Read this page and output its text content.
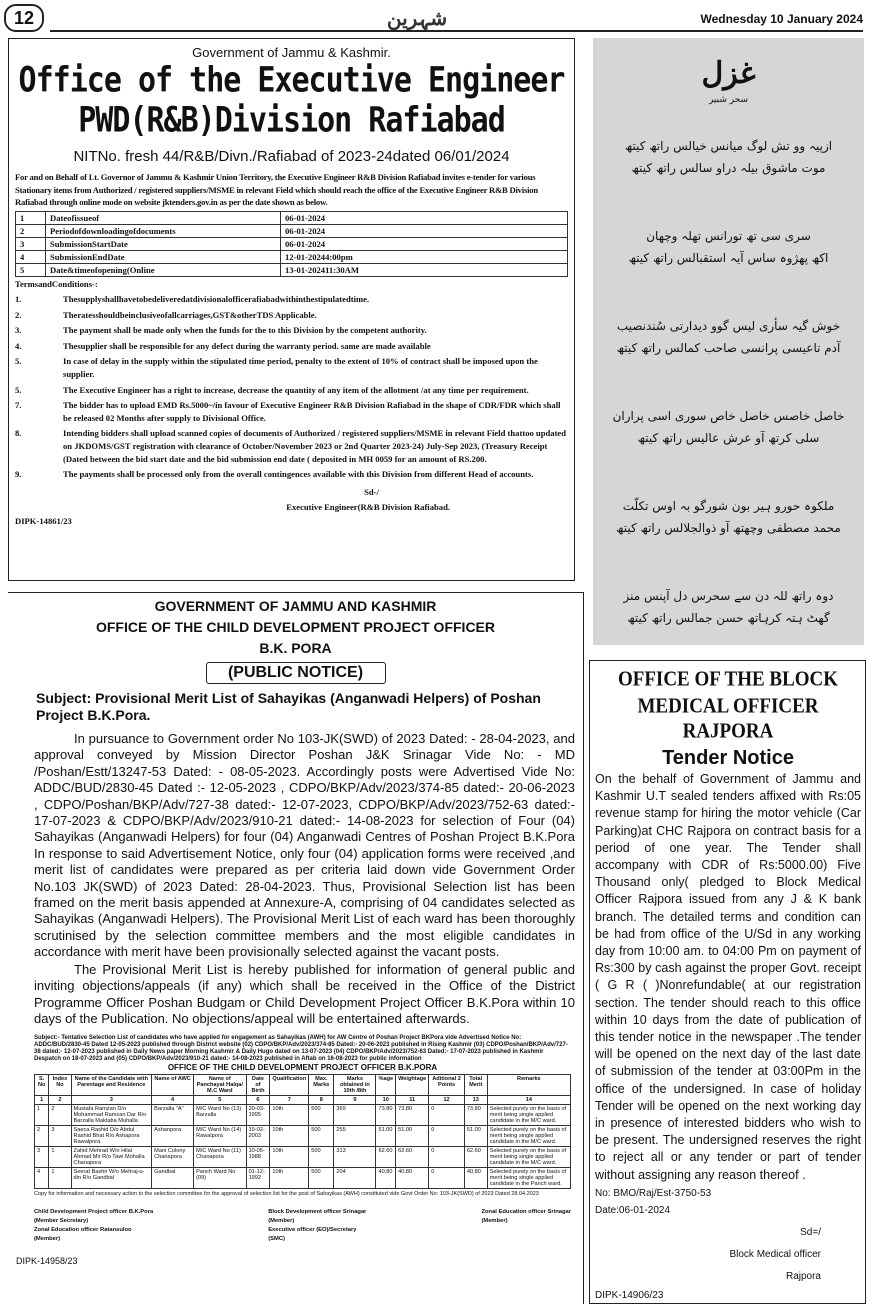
12	شہرین	Wednesday 10 January 2024
Government of Jammu & Kashmir.
Office of the Executive Engineer
PWD(R&B)Division Rafiabad
NITNo. fresh 44/R&B/Divn./Rafiabad of 2023-24dated 06/01/2024
For and on Behalf of Lt. Governor of Jammu & Kashmir Union Territory, the Executive Engineer R&B Division Rafiabad invites e-tender for various Stationary items from Authorized / registered suppliers/MSME in relevant Field which should reach the office of the Executive Engineer R&B Division Rafiabad through online mode on website jktenders.gov.in as per the date shown as below.
1	Dateofissueof	06-01-2024
2	Periodofdownloadingofdocuments	06-01-2024
3	SubmissionStartDate	06-01-2024
4	SubmissionEndDate	12-01-20244:00pm
5	Date&timeofopening(Online	13-01-202411:30AM
TermsandConditions-:
1.	Thesupplyshallhavetobedeliveredatdivisionalofficerafiabadwithinthestipulatedtime.
2.	Theratesshouldbeinclusiveofallcarriages,GST&otherTDS Applicable.
3.	The payment shall be made only when the funds for the to this Division by the competent authority.
4.	Thesupplier shall be responsible for any defect during the warranty period. same are made available
5.	In case of delay in the supply within the stipulated time period, penalty to the extent of 10% of contract shall be imposed upon the supplier.
5.	The Executive Engineer has a right to increase, decrease the quantity of any item of the allotment /at any time per requirement.
7.	The bidder has to upload EMD Rs.5000~/in favour of Executive Engineer R&B Division Rafiabad in the shape of CDR/FDR which shall be released 02 Months after supply to Divisional Office.
8.	Intending bidders shall upload scanned copies of documents of Authorized / registered suppliers/MSME in relevant Field thattoo updated on JKDOMS/GST registration with clearance of October/November 2023 or 2nd Quarter 2023-24) July-Sep 2023, (Treasury Receipt (Dated between the bid start date and the bid submission end date ( deposited in MH 0059 for an amount of RS.200.
9.	The payments shall be processed only from the overall contingences available with this Division from different Head of accounts.
Sd-/
Executive Engineer(R&B Division Rafiabad.
DIPK-14861/23
غزل
سحر شبیر
ازپیہ وو تش لوگ میانس خیالس راتھ کیتھ
موت ماشوق بیلہ دراو سالس راتھ کیتھ
سری سی تھ تورانس تھلہ وچھان
اکھ پھژوہ ساس آیہ استقبالس راتھ کیتھ
خوش گیہ سأری لیس گوو دیدارتی سُندنصیب
آدم تاعیسی پرانسی صاحب کمالس راتھ کیتھ
خاصل خاصس خاصل خاص سوری اسی پراران
سلی کرتھ آو عرش عالیس راتھ کیتھ
ملکوہ حورو ہیر بون شورگو بہ اوس تکلّت
محمد مصطفی وچھتھ آو ذوالجلالس راتھ کیتھ
دوہ راتھ للہ دن سے سحرس دل آپنس منز
گھٹ ہتہ کرہاتھ حسن جمالس راتھ کیتھ
GOVERNMENT OF JAMMU AND KASHMIR
OFFICE OF THE CHILD DEVELOPMENT PROJECT OFFICER
B.K. PORA
(PUBLIC NOTICE)
Subject: Provisional Merit List of Sahayikas (Anganwadi Helpers) of Poshan Project B.K.Pora.

In pursuance to Government order No 103-JK(SWD) of 2023 Dated: - 28-04-2023, and approval conveyed by Mission Director Poshan J&K Srinagar Vide No: - MD /Poshan/Estt/13247-53 Dated: - 08-05-2023. Accordingly posts were Advertised Vide No: ADDC/BUD/2830-45 Dated :- 12-05-2023 , CDPO/BKP/Adv/2023/374-85 dated:- 20-06-2023 , CDPO/Poshan/BKP/Adv/727-38 dated:- 12-07-2023, CDPO/BKP/Adv/2023/752-63 dated:- 17-07-2023 & CDPO/BKP/Adv/2023/910-21 dated:- 14-08-2023 for selection of Four (04) Sahayikas (Anganwadi Helpers) for four (04) Anganwadi Centres of Poshan Project B.K.Pora In response to said Advertisement Notice, only four (04) application forms were received ,and merit list of candidates were prepared as per criteria laid down vide Government Order No.103 JK(SWD) of 2023 Dated: 28-04-2023. Thus, Provisional Selection list has been framed on the merit basis appended at Annexure-A, comprising of 04 candidates selected as Sahayikas (Anganwadi Helpers). The Provisional Merit List of each ward has been thoroughly scrutinised by the selection committee members and the most eligible candidates in accordance with merit have been provisionally selected against the vacant posts.

The Provisional Merit List is hereby published for information of general public and inviting objections/appeals (if any) which shall be received in the Office of the District Programme Officer Poshan Budgam or Child Development Project Officer B.K.Pora within 10 days of the Publication. No objections/appeal will be entertained afterwards.

Subject:- Tentative Selection List of candidates who have applied for engagement as Sahayikas (AWH) for AW Centre of Poshan Project BKPora vide Advertised Notice No: ADDC/BUD/2830-45 Dated 12-05-2023 published through District website (02) CDPO/BKP/Adv/2023/374-85 Dated:- 20-06-2023 published in Rising Kashmir (03) CDPO/Poshan/BKP/Adv/727-38 dated:- 12-07-2023 published in Daily News paper Morning Kashmir & Daily Hugo dated on 13-07-2023 (04) CDPO/BKP/Adv/2023/752-63 Dated:- 17-07-2023 published in Kashmir Despatch on 18-07-2023 and (05) CDPO/BKP/Adv/2023/910-21 dated:- 14-08-2023 published in Aftab on 16-08-2023 for public information
OFFICE OF THE CHILD DEVELOPMENT PROJECT OFFICER B.K.PORA
S. No	Index No	Name of the Candidate with Parentage and Residence	Name of AWC	Name of Panchayat Halqa/ M.C Ward	Date of Birth	Qualification	Max. Marks	Marks obtained in 10th /8th	%age	Weightage	Aditional 2 Points	Total Merit	Remarks
1	2	3	4	5	6	7	8	9	10	11	12	13	14
1	2	Mustafa Ramzan D/o Mohammad Ramzan Dar R/o Barzalla Maktaba Muhalla	Barzalla "A"	M/C Ward No (13) Barzalla	20-03-1995	10th	500	369	73.80	73.80	0	73.80	Selected purely on the basis of merit being single applied candidate in the M/C ward.
2	3	Saeca Rashid D/o Abdul Rashid Bhat R/o Ashapora Rawalpora	Ashanpora	M/C Ward No (14) Rawalpora	19-02-2003	10th	500	255	51.00	51.00	0	51.00	Selected purely on the basis of merit being single applied candidate in the M/C ward.
3	1	Zahid Mehrad W/o Hilal Ahmad Mir R/o Tawi Mohalla Chanapora	Mani Colony Chanapora	M/C Ward No (11) Chanapora	10-05-1988	10th	500	313	62.60	62.60	0	62.60	Selected purely on the basis of merit being single applied candidate in the M/C ward.
4	1	Seerat Bashir W/o Mehraj-u-din R/o Gandbal	Gandbal	Panch Ward No (09)	01-12-1992	10th	500	204	40.80	40.80	0	40.80	Selected purely on the basis of merit being single applied candidate in the Panch ward.
Copy for information and necessary action to the selection committee for the approval of selection list for the post of Sahayikas (AWH) constituted vide Govt Order No: 103-JK(SWD) of 2023 Dated 28.04.2023
Child Development Project officer B.K.Pora
(Member Secretary)
Zonal Education officer Ratansuloo
(Member)
Block Development officer Srinagar
(Member)
Executive officer (EO)/Secretary
(SMC)
Zonal Education officer Srinagar
(Member)
DIPK-14958/23
OFFICE OF THE BLOCK
MEDICAL OFFICER RAJPORA
Tender Notice
On the behalf of Government of Jammu and Kashmir U.T sealed tenders affixed with Rs:05 revenue stamp for hiring the motor vehicle (Car Parking)at CHC Rajpora on contract basis for a period of one year. The Tender shall accompany with CDR of Rs:5000.00) Five Thousand only( pledged to Block Medical Officer Rajpora issued from any J & K bank branch. The detailed terms and condition can be had from office of the U/Sd in any working day from 10:00 am. to 04:00 Pm on payment of Rs:300 by cash against the proper Govt. receipt ( G R ( )Nonrefundable( at our registration section. The tender should reach to this office within 10 days from the date of publication of this tender notice in the newspaper .The tender will be opened on the next day of the last date of submission of the tender at 03:00Pm in the office of the undersigned. In case of holiday Tender will be opened on the next working day in presence of interested bidders who wish to be present. The undersigned reserves the right to reject all or any tender or part of tender without assigning any reason thereof .
No: BMO/Raj/Est-3750-53
Date:06-01-2024
Sd=/
Block Medical officer
Rajpora
DIPK-14906/23
